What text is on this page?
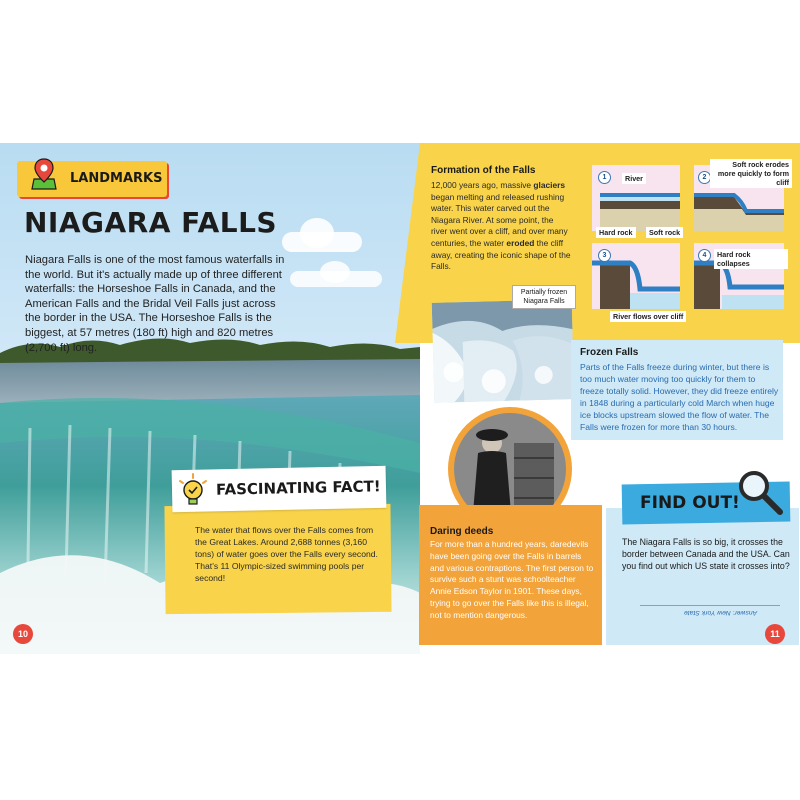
LANDMARKS
NIAGARA FALLS
Niagara Falls is one of the most famous waterfalls in the world. But it's actually made up of three different waterfalls: the Horseshoe Falls in Canada, and the American Falls and the Bridal Veil Falls just across the border in the USA. The Horseshoe Falls is the biggest, at 57 metres (180 ft) high and 820 metres (2,700 ft) long.
FASCINATING FACT!
The water that flows over the Falls comes from the Great Lakes. Around 2,688 tonnes (3,160 tons) of water goes over the Falls every second. That's 11 Olympic-sized swimming pools per second!
10
Formation of the Falls
12,000 years ago, massive glaciers began melting and released rushing water. This water carved out the Niagara River. At some point, the river went over a cliff, and over many centuries, the water eroded the cliff away, creating the iconic shape of the Falls.
1	2
3	4
River
Hard rock	Soft rock
Soft rock erodes more quickly to form cliff
Hard rock collapses
River flows over cliff
Partially frozen Niagara Falls
Frozen Falls
Parts of the Falls freeze during winter, but there is too much water moving too quickly for them to freeze totally solid. However, they did freeze entirely in 1848 during a particularly cold March when huge ice blocks upstream slowed the flow of water. The Falls were frozen for more than 30 hours.
Daring deeds
For more than a hundred years, daredevils have been going over the Falls in barrels and various contraptions. The first person to survive such a stunt was schoolteacher Annie Edson Taylor in 1901. These days, trying to go over the Falls like this is illegal, not to mention dangerous.
FIND OUT!
The Niagara Falls is so big, it crosses the border between Canada and the USA. Can you find out which US state it crosses into?
Answer: New York State
11
